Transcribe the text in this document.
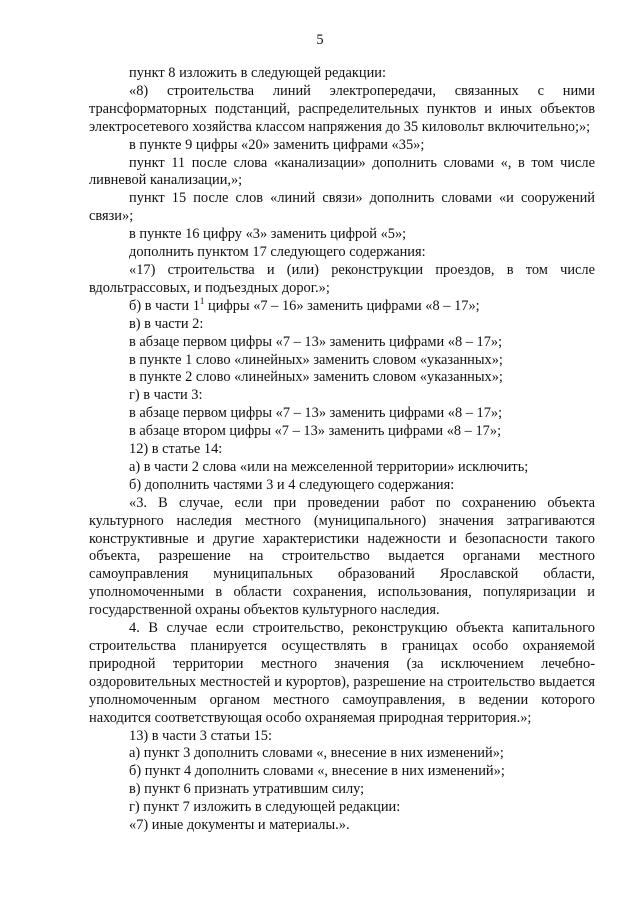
5

пункт 8 изложить в следующей редакции:

«8) строительства линий электропередачи, связанных с ними трансформаторных подстанций, распределительных пунктов и иных объектов электросетевого хозяйства классом напряжения до 35 киловольт включительно;»;

в пункте 9 цифры «20» заменить цифрами «35»;

пункт 11 после слова «канализации» дополнить словами «, в том числе ливневой канализации,»;

пункт 15 после слов «линий связи» дополнить словами «и сооружений связи»;

в пункте 16 цифру «3» заменить цифрой «5»;

дополнить пунктом 17 следующего содержания:

«17) строительства и (или) реконструкции проездов, в том числе вдольтрассовых, и подъездных дорог.»;

б) в части $1^1$ цифры «7 – 16» заменить цифрами «8 – 17»;

в) в части 2:

в абзаце первом цифры «7 – 13» заменить цифрами «8 – 17»;

в пункте 1 слово «линейных» заменить словом «указанных»;

в пункте 2 слово «линейных» заменить словом «указанных»;

г) в части 3:

в абзаце первом цифры «7 – 13» заменить цифрами «8 – 17»;

в абзаце втором цифры «7 – 13» заменить цифрами «8 – 17»;

12) в статье 14:

а) в части 2 слова «или на межселенной территории» исключить;

б) дополнить частями 3 и 4 следующего содержания:

«3. В случае, если при проведении работ по сохранению объекта культурного наследия местного (муниципального) значения затрагиваются конструктивные и другие характеристики надежности и безопасности такого объекта, разрешение на строительство выдается органами местного самоуправления муниципальных образований Ярославской области, уполномоченными в области сохранения, использования, популяризации и государственной охраны объектов культурного наследия.

4. В случае если строительство, реконструкцию объекта капитального строительства планируется осуществлять в границах особо охраняемой природной территории местного значения (за исключением лечебно-оздоровительных местностей и курортов), разрешение на строительство выдается уполномоченным органом местного самоуправления, в ведении которого находится соответствующая особо охраняемая природная территория.»;

13) в части 3 статьи 15:

а) пункт 3 дополнить словами «, внесение в них изменений»;

б) пункт 4 дополнить словами «, внесение в них изменений»;

в) пункт 6 признать утратившим силу;

г) пункт 7 изложить в следующей редакции:

«7) иные документы и материалы.».
